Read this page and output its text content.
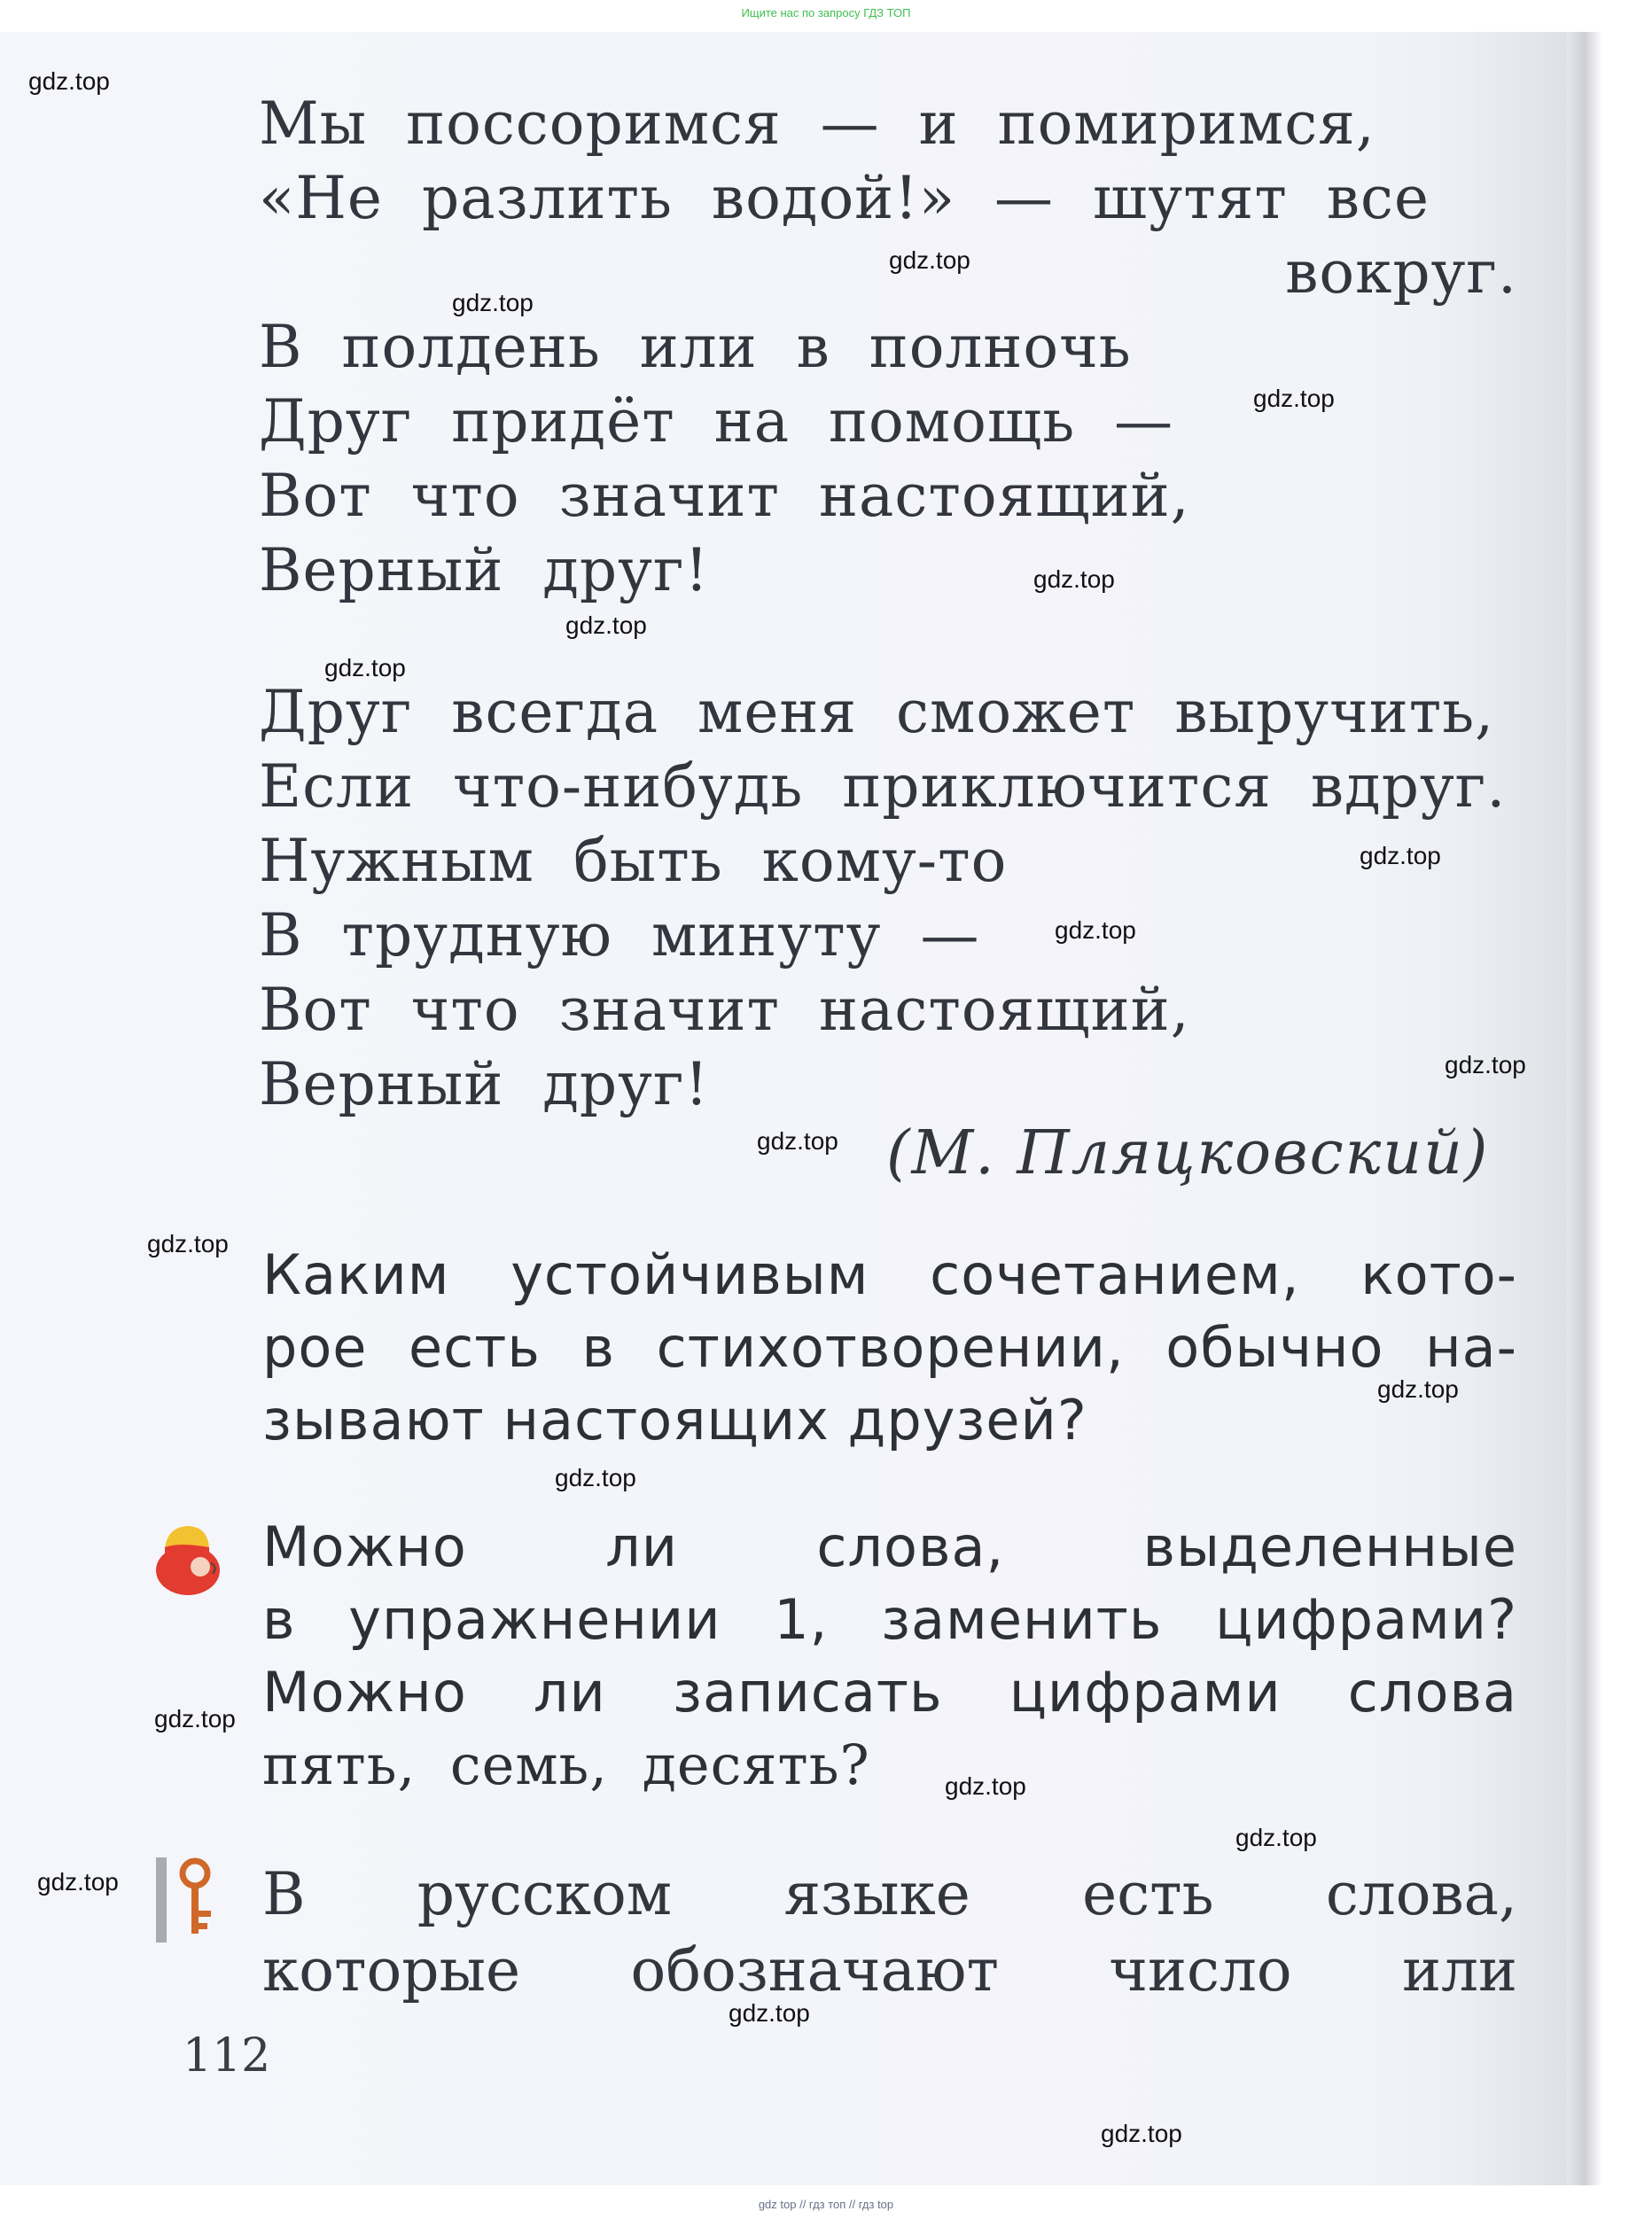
Ищите нас по запросу ГДЗ ТОП
Мы поссоримся — и помиримся,
«Не разлить водой!» — шутят все
вокруг.
В полдень или в полночь
Друг придёт на помощь —
Вот что значит настоящий,
Верный друг!
Друг всегда меня сможет выручить,
Если что-нибудь приключится вдруг.
Нужным быть кому-то
В трудную минуту —
Вот что значит настоящий,
Верный друг!
(М. Пляцковский)
Каким устойчивым сочетанием, кото-
рое есть в стихотворении, обычно на-
зывают настоящих друзей?
Можно ли слова, выделенные
в упражнении 1, заменить цифрами?
Можно ли записать цифрами слова
пять, семь, десять?
В русском языке есть слова,
которые обозначают число или
112
gdz.top
gdz.top
gdz.top
gdz.top
gdz.top
gdz.top
gdz.top
gdz.top
gdz.top
gdz.top
gdz.top
gdz.top
gdz.top
gdz.top
gdz.top
gdz.top
gdz.top
gdz.top
gdz.top
gdz.top
gdz top // гдз топ // гдз top
